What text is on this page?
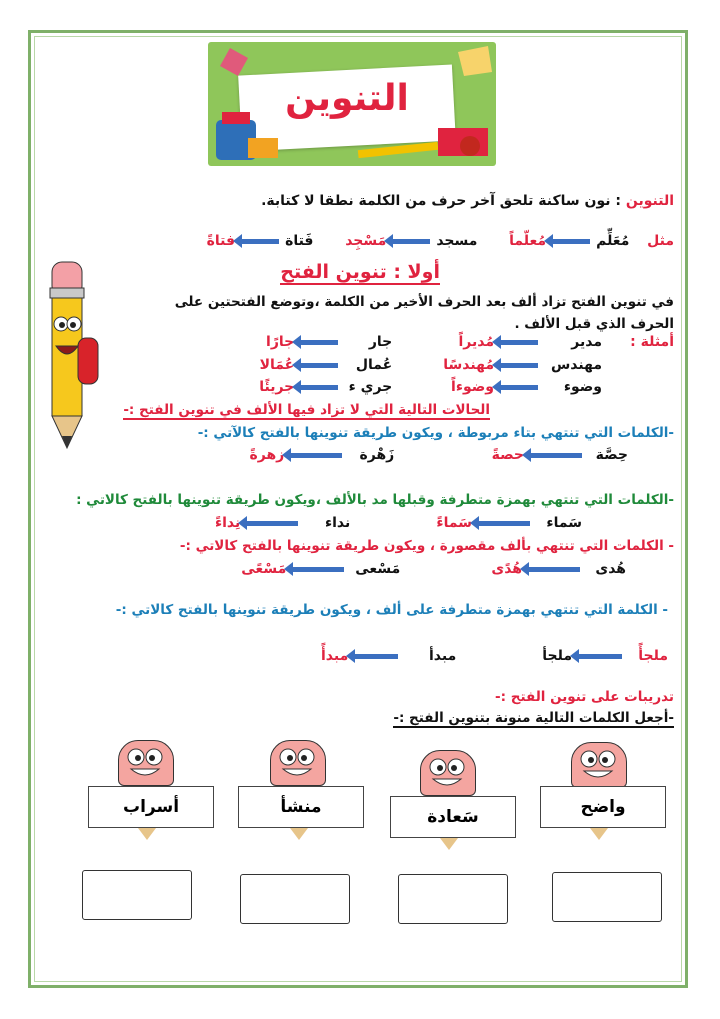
التنوين
التنوين : نون ساكنة تلحق آخر حرف من الكلمة نطقا لا كتابة.
مثل  مُعَلِّممُعلّماً  مسجدمَسْجِد  فَتاةفتاةً
أولا : تنوين الفتح
في تنوين الفتح تزاد ألف بعد الحرف الأخير من الكلمة ،وتوضع الفتحتين على
الحرف الذي قبل الألف .
أمثلة :
مديرمُديراً  جارجارًا
مهندسمُهندسًا  عُمالعُمَالا
وضوءوضوءاً  جري ءجريئًا
الحالات التالية التي لا تزاد فيها الألف في تنوين الفتح :-
-الكلمات التي تنتهي بتاء مربوطة ، ويكون طريقة تنوينها بالفتح كالآتي :-
حِصَّةحصةً  زَهْرةزهرةً
-الكلمات التي تنتهي بهمزة متطرفة وقبلها مد بالألف ،ويكون طريقة تنوينها بالفتح كالاتي :
سَماءسَماءً  نداءنِداءً
- الكلمات التي تنتهي بألف مقصورة ، ويكون طريقة تنوينها بالفتح كالاتي :-
هُدىهُدًى  مَسْعىمَسْعًى
- الكلمة التي تنتهي بهمزة متطرفة على ألف ، ويكون طريقة تنوينها بالفتح كالاتي :-
ملجأًملجأ  مبدأمبدأً
تدريبات على تنوين الفتح :-
-أجعل الكلمات التالية منونة بتنوين الفتح :-
واضح
سَعادة
منشأ
أسراب
